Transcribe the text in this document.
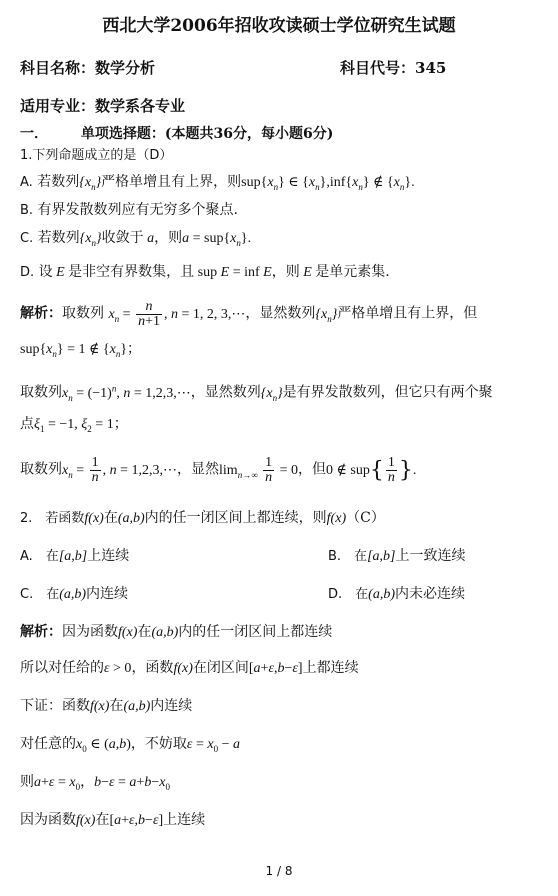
西北大学2006年招收攻读硕士学位研究生试题
科目名称：数学分析	科目代号：345
适用专业：数学系各专业
一． 单项选择题：(本题共36分，每小题6分)
1.下列命题成立的是（D）
A. 若数列$\{x_n\}$严格单增且有上界，则$sup\{x_n\}$ ∈ $\{x_n\},inf\{x_n\}$ ∉ $\{x_n\}$.
B. 有界发散数列应有无穷多个聚点.
C. 若数列$\{x_n\}$收敛于 a，则$a = sup\{x_n\}$.
D. 设 E 是非空有界数集，且 sup E = inf E，则 E 是单元素集.
解析：取数列 $x_n = \frac{n}{n+1}$ , n = 1, 2, 3,⋯，显然数列$\{x_n\}$严格单增且有上界，但
$sup\{x_n\} = 1$ ∉ $\{x_n\}$；
取数列$x_n = (-1)^n$, n = 1,2,3,⋯，显然数列$\{x_n\}$是有界发散数列，但它只有两个聚
点$\xi_1 = -1$, $\xi_2 = 1$；
取数列$x_n = \frac{1}{n}$ , n = 1,2,3,⋯，显然$\lim_{n\to\infty} \frac{1}{n} = 0$，但0 ∉ $sup\{ \frac{1}{n}$ }.
2.　若函数f(x)在(a,b)内的任一闭区间上都连续，则f(x)（C）
A.　在[a,b]上连续	B.　在[a,b]上一致连续
C.　在(a,b)内连续	D.　在(a,b)内未必连续
解析：因为函数f(x)在(a,b)内的任一闭区间上都连续
所以对任给的ε > 0，函数f(x)在闭区间[a+ε,b−ε]上都连续
下证：函数f(x)在(a,b)内连续
对任意的$x_0$ ∈ (a,b)，不妨取$\varepsilon = x_0 - a$
则$a+\varepsilon = x_0$，$b-\varepsilon = a+b-x_0$
因为函数f(x)在[a+ε,b−ε]上连续
1 / 8
